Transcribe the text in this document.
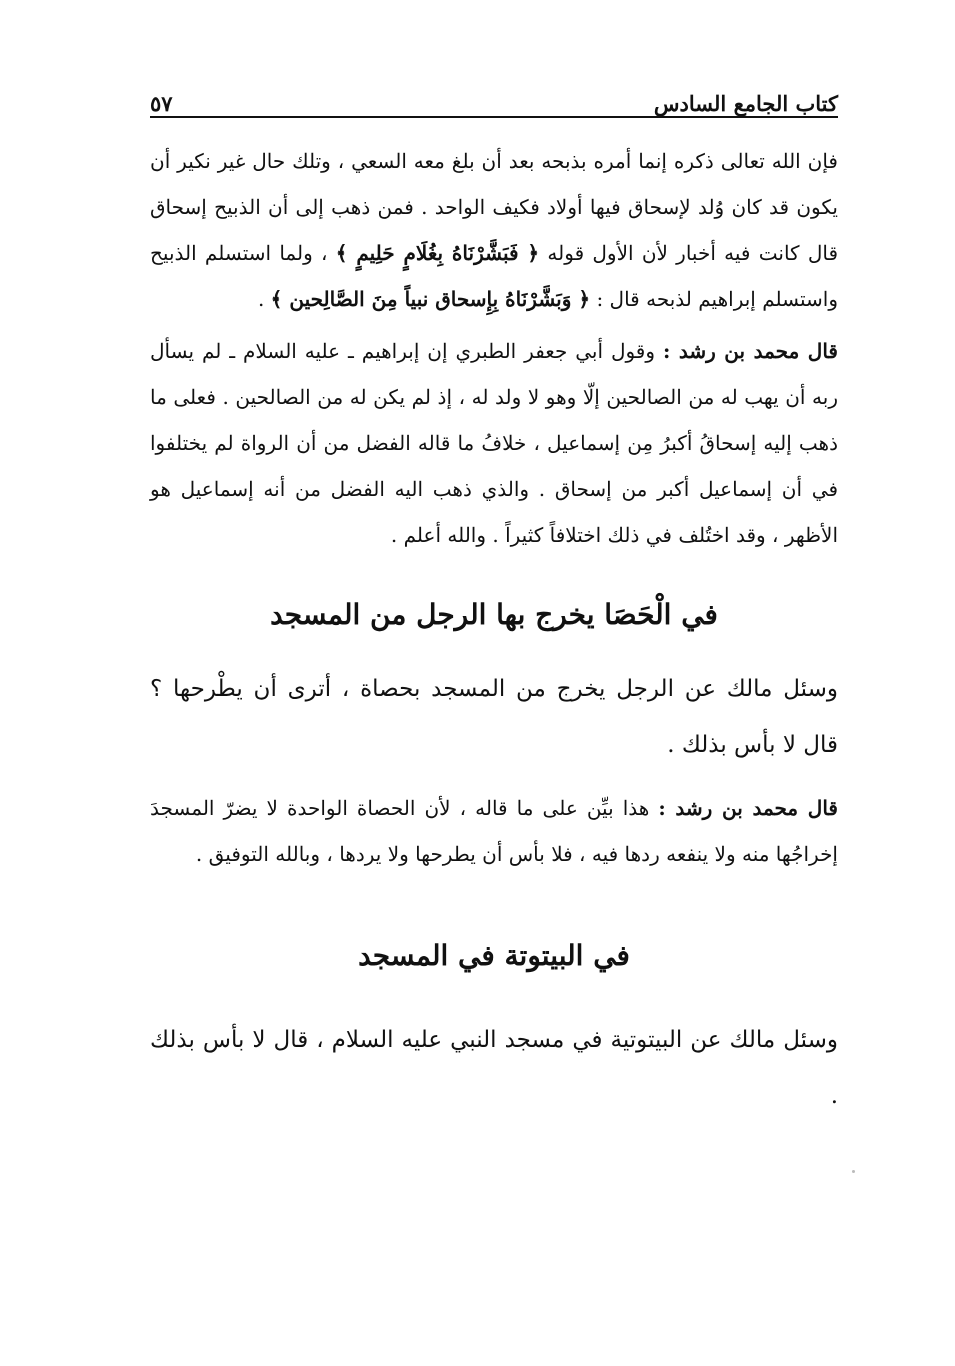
كتاب الجامع السادس
٥٧

فإن الله تعالى ذكره إنما أمره بذبحه بعد أن بلغ معه السعي ، وتلك حال غير نكير أن يكون قد كان وُلد لإسحاق فيها أولاد فكيف الواحد . فمن ذهب إلى أن الذبيح إسحاق قال كانت فيه أخبار لأن الأول قوله ﴿ فَبَشَّرْنَاهُ بِغُلَامٍ حَلِيمٍ ﴾ ، ولما استسلم الذبيح واستسلم إبراهيم لذبحه قال : ﴿ وَبَشَّرْنَاهُ بِإِسحاق نبياً مِنَ الصَّالِحين ﴾ .

قال محمد بن رشد : وقول أبي جعفر الطبري إن إبراهيم ـ عليه السلام ـ لم يسأل ربه أن يهب له من الصالحين إلّا وهو لا ولد له ، إذ لم يكن له من الصالحين . فعلى ما ذهب إليه إسحاقُ أكبرُ مِن إسماعيل ، خلافُ ما قاله الفضل من أن الرواة لم يختلفوا في أن إسماعيل أكبر من إسحاق . والذي ذهب اليه الفضل من أنه إسماعيل هو الأظهر ، وقد اختُلف في ذلك اختلافاً كثيراً . والله أعلم .

في الْحَصَا يخرج بها الرجل من المسجد

وسئل مالك عن الرجل يخرج من المسجد بحصاة ، أترى أن يطْرحها ؟ قال لا بأس بذلك .

قال محمد بن رشد : هذا بيِّن على ما قاله ، لأن الحصاة الواحدة لا يضرّ المسجدَ إخراجُها منه ولا ينفعه ردها فيه ، فلا بأس أن يطرحها ولا يردها ، وبالله التوفيق .

في البيتوتة في المسجد

وسئل مالك عن البيتوتية في مسجد النبي عليه السلام ، قال لا بأس بذلك .
